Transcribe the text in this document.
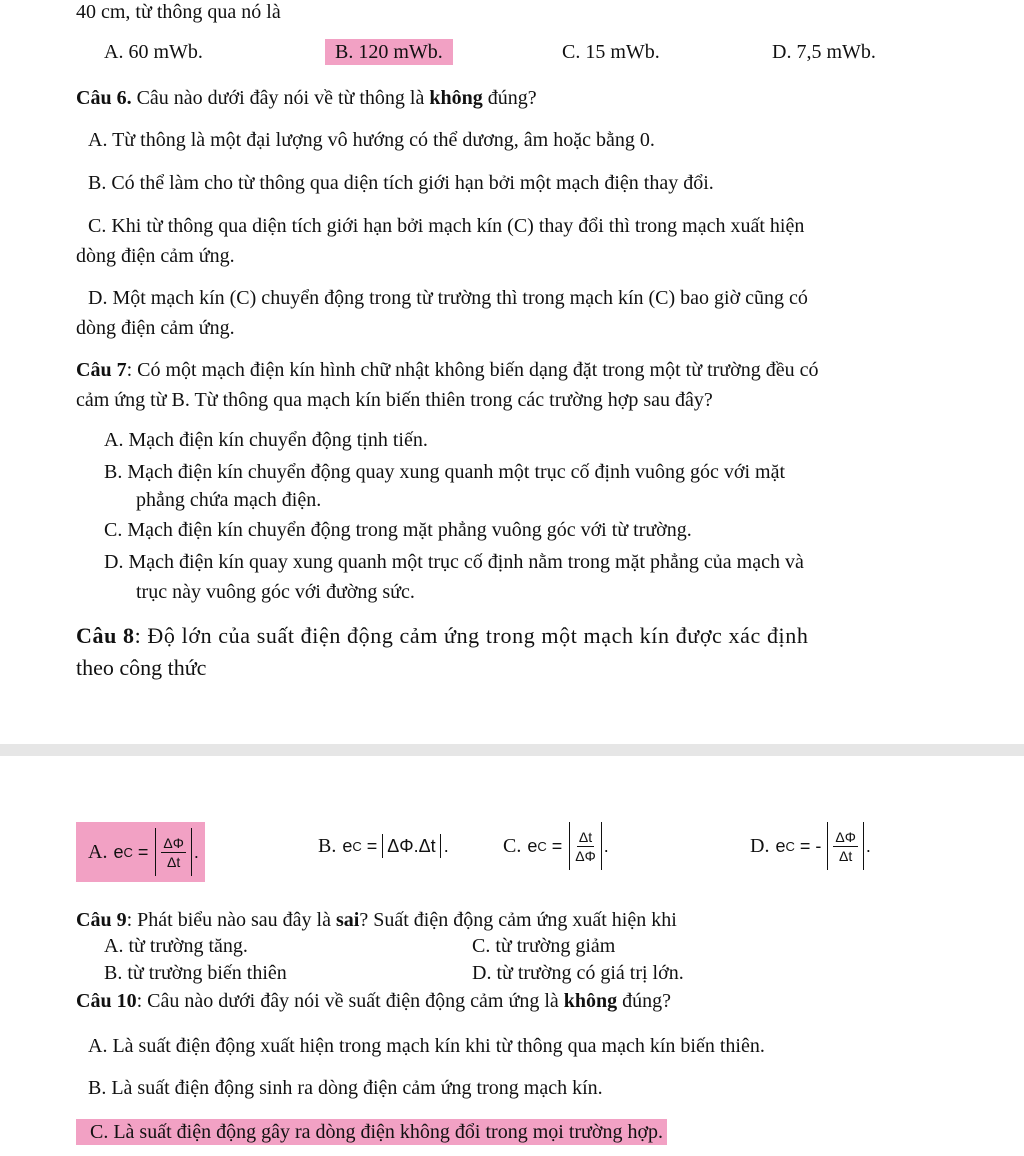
40 cm, từ thông qua nó là
A. 60 mWb.	B. 120 mWb.	C. 15 mWb.	D. 7,5 mWb.
Câu 6. Câu nào dưới đây nói về từ thông là không đúng?
A. Từ thông là một đại lượng vô hướng có thể dương, âm hoặc bằng 0.
B. Có thể làm cho từ thông qua diện tích giới hạn bởi một mạch điện thay đổi.
C. Khi từ thông qua diện tích giới hạn bởi mạch kín (C) thay đổi thì trong mạch xuất hiện
dòng điện cảm ứng.
D. Một mạch kín (C) chuyển động trong từ trường thì trong mạch kín (C) bao giờ cũng có
dòng điện cảm ứng.
Câu 7: Có một mạch điện kín hình chữ nhật không biến dạng đặt trong một từ trường đều có
cảm ứng từ B. Từ thông qua mạch kín biến thiên trong các trường hợp sau đây?
A. Mạch điện kín chuyển động tịnh tiến.
B. Mạch điện kín chuyển động quay xung quanh một trục cố định vuông góc với mặt
phẳng chứa mạch điện.
C. Mạch điện kín chuyển động trong mặt phẳng vuông góc với từ trường.
D. Mạch điện kín quay xung quanh một trục cố định nằm trong mặt phẳng của mạch và
trục này vuông góc với đường sức.
Câu 8: Độ lớn của suất điện động cảm ứng trong một mạch kín được xác định
theo công thức
A. e $C = \frac{\Delta\Phi}{\Delta t}$ .	B. e C = ΔΦ.Δt .	C. e $C = \frac{\Delta t}{\Delta\Phi}$ .	D. e C = - $\frac{\Delta\Phi}{\Delta t}$ .
Câu 9: Phát biểu nào sau đây là sai? Suất điện động cảm ứng xuất hiện khi
A. từ trường tăng.	C. từ trường giảm
B. từ trường biến thiên	D. từ trường có giá trị lớn.
Câu 10: Câu nào dưới đây nói về suất điện động cảm ứng là không đúng?
A. Là suất điện động xuất hiện trong mạch kín khi từ thông qua mạch kín biến thiên.
B. Là suất điện động sinh ra dòng điện cảm ứng trong mạch kín.
C. Là suất điện động gây ra dòng điện không đổi trong mọi trường hợp.
